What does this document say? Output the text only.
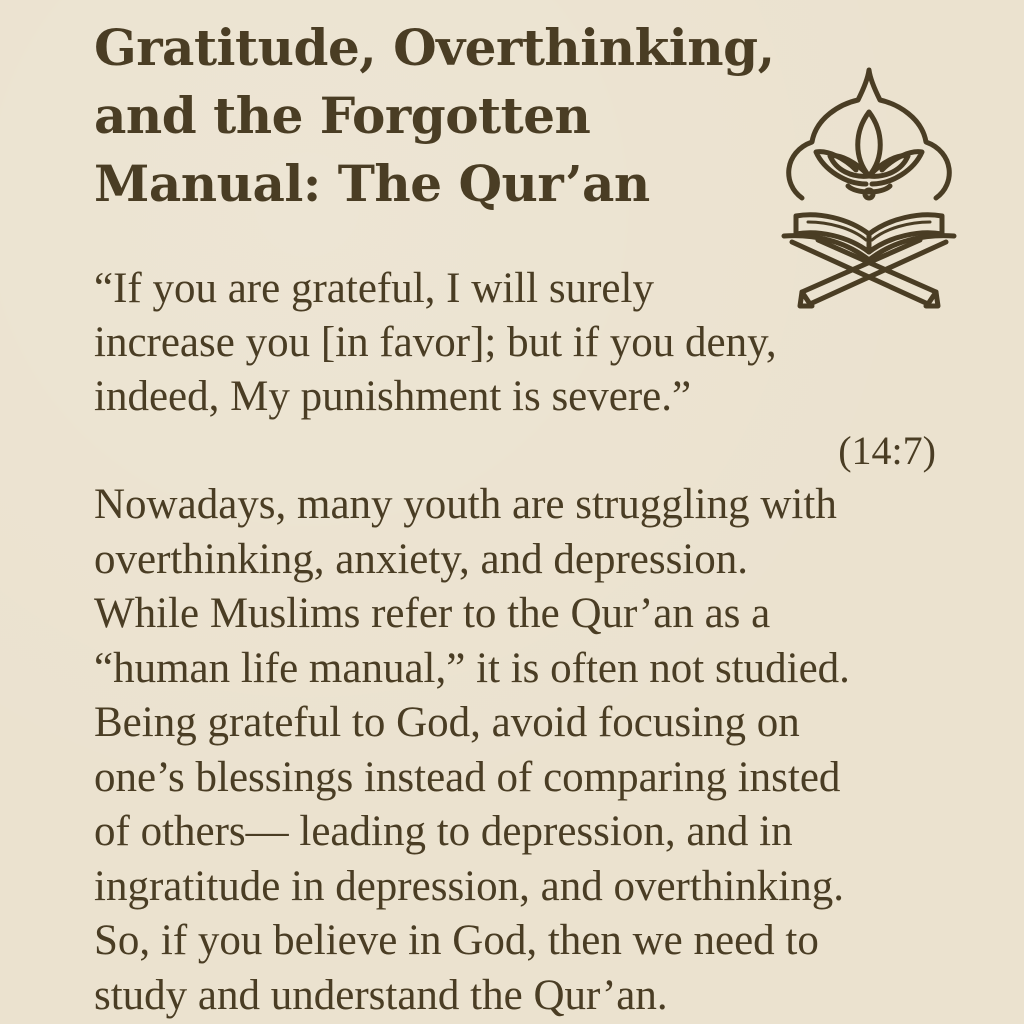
Gratitude, Overthinking,
and the Forgotten
Manual: The Qur’an
“If you are grateful, I will surely
increase you [in favor]; but if you deny,
indeed, My punishment is severe.”
(14:7)
Nowadays, many youth are struggling with
overthinking, anxiety, and depression.
While Muslims refer to the Qur’an as a
“human life manual,” it is often not studied.
Being grateful to God, avoid focusing on
one’s blessings instead of comparing insted
of others— leading to depression, and in
ingratitude in depression, and overthinking.
So, if you believe in God, then we need to
study and understand the Qur’an.
